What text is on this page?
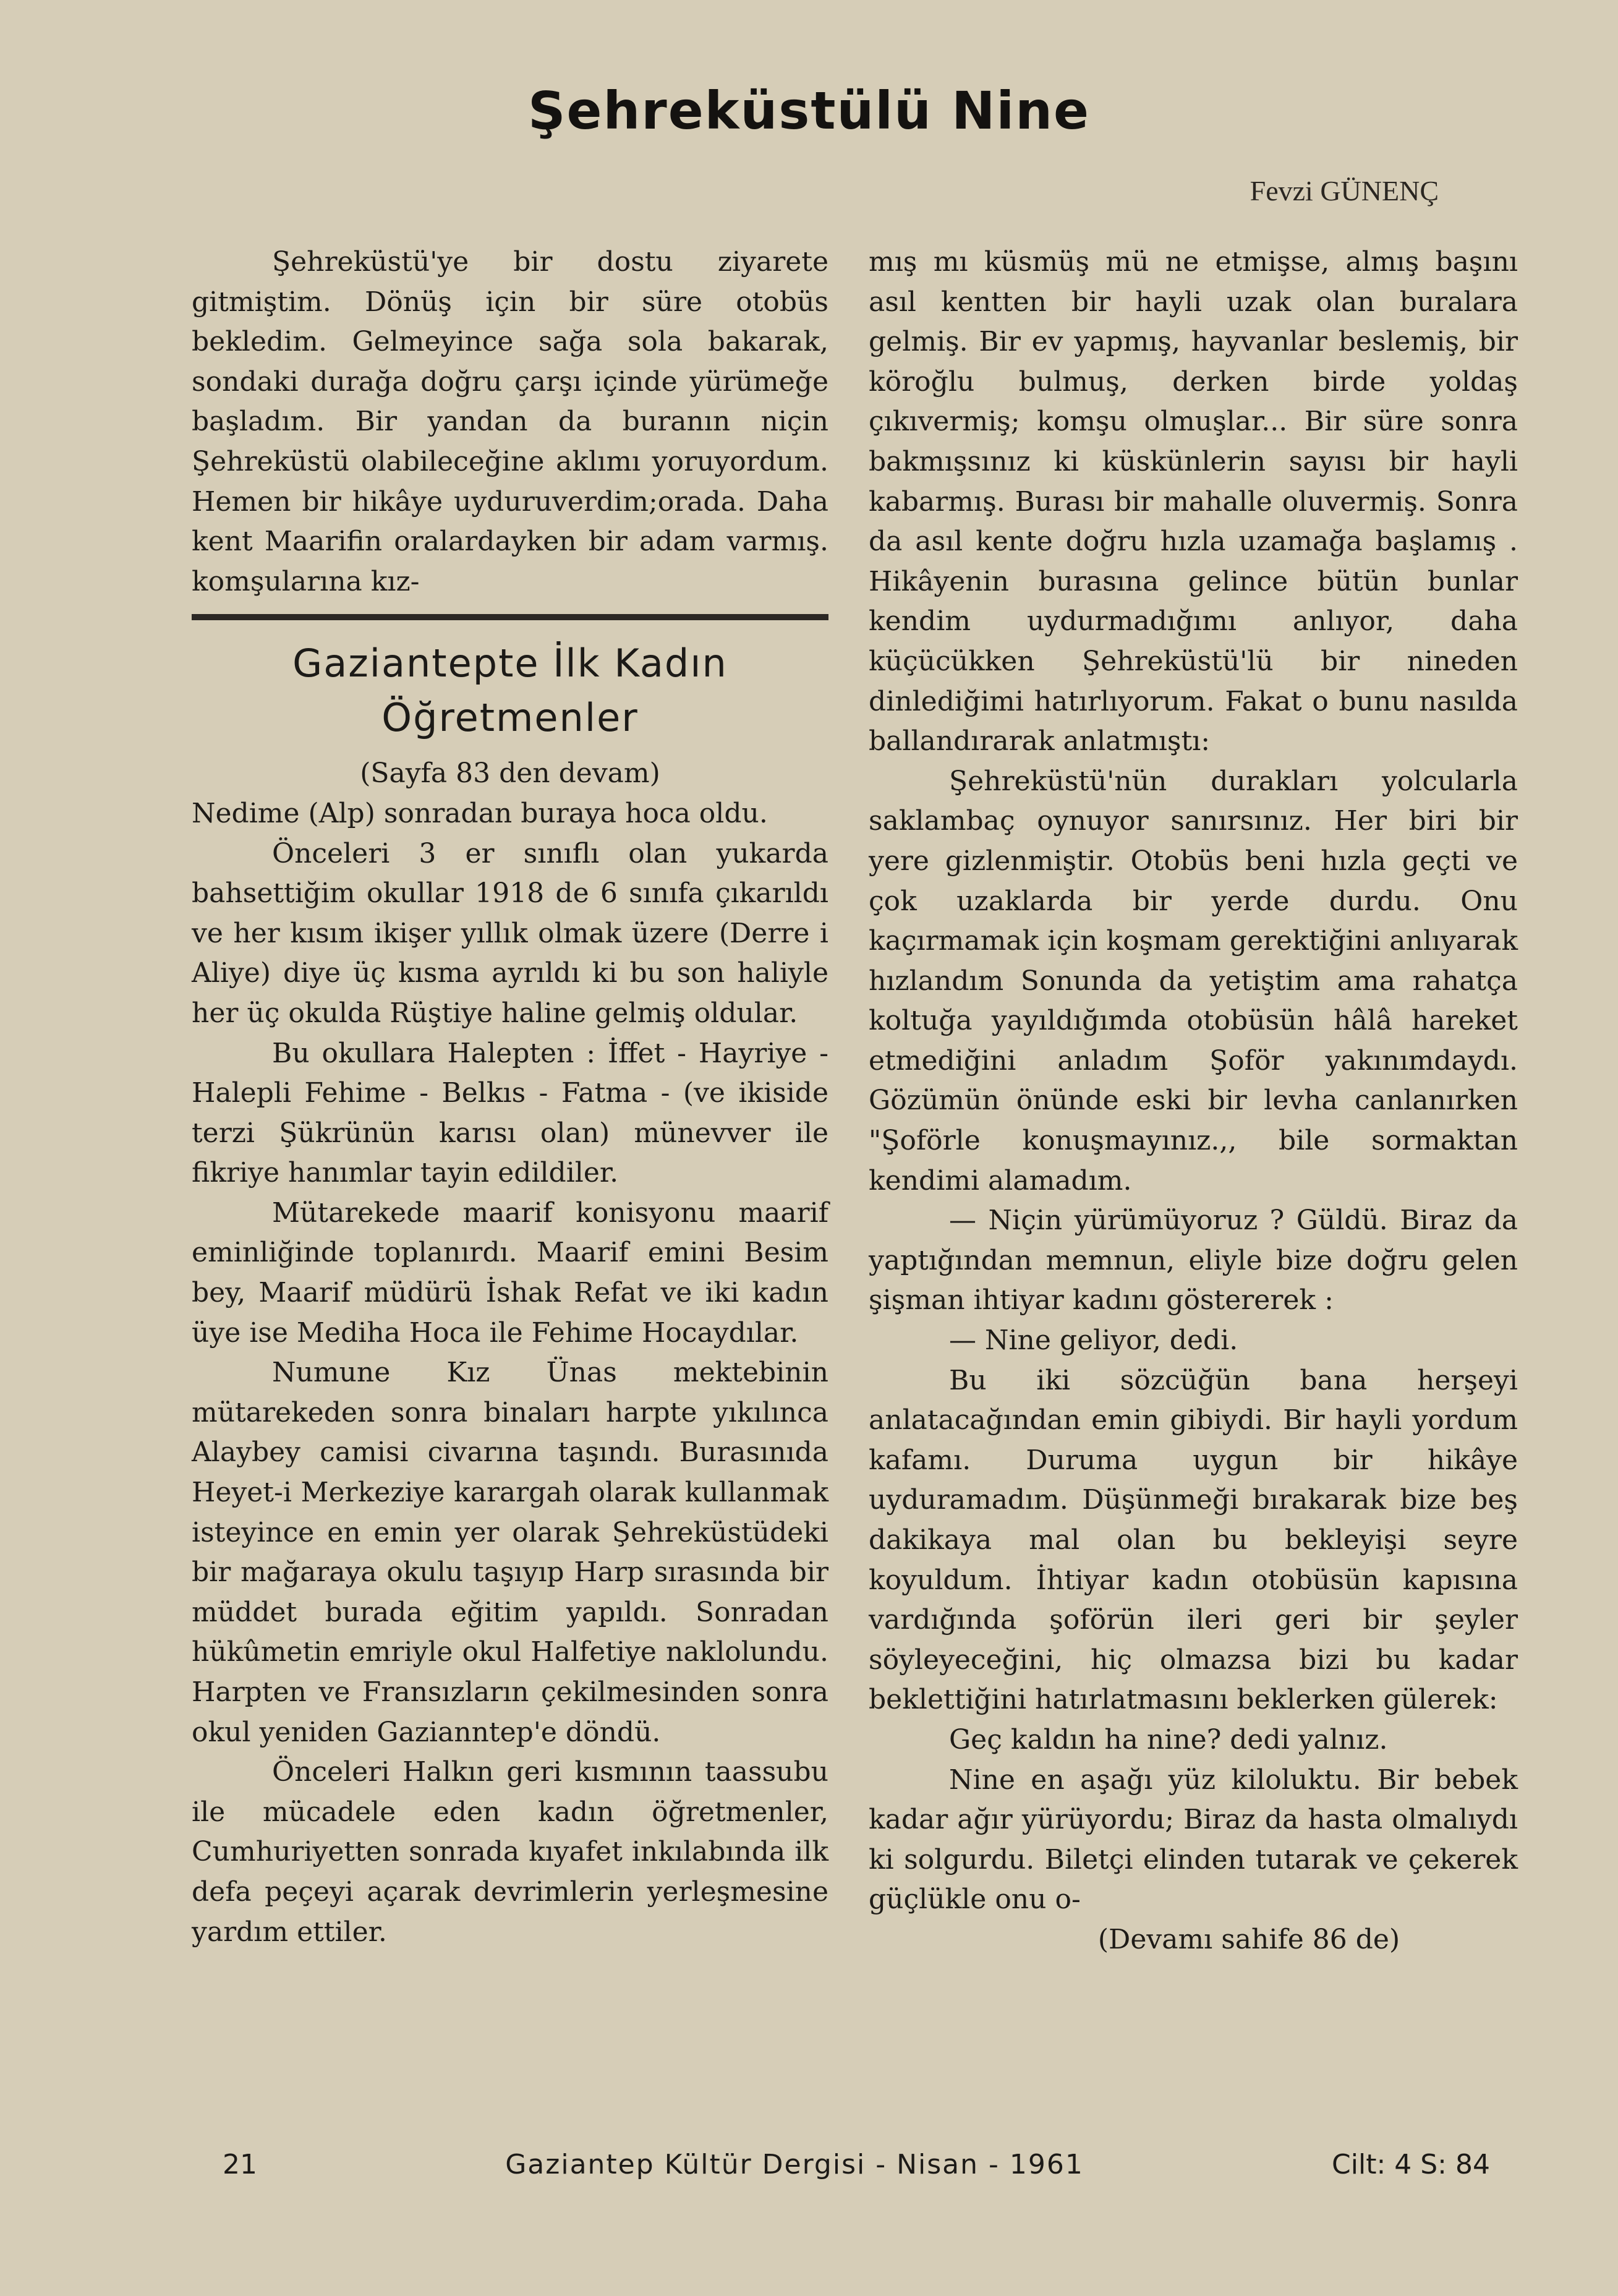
Şehreküstülü Nine
Fevzi GÜNENÇ

Şehreküstü'ye bir dostu ziyarete gitmiştim. Dönüş için bir süre otobüs bekledim. Gelmeyince sağa sola bakarak, sondaki durağa doğru çarşı içinde yürümeğe başladım. Bir yandan da buranın niçin Şehreküstü olabileceğine aklımı yoruyordum. Hemen bir hikâye uyduruverdim;orada. Daha kent Maarifin oralardayken bir adam varmış. komşularına kız-

Gaziantepte İlk Kadın
Öğretmenler

(Sayfa 83 den devam)

Nedime (Alp) sonradan buraya hoca oldu.

Önceleri 3 er sınıflı olan yukarda bahsettiğim okullar 1918 de 6 sınıfa çıkarıldı ve her kısım ikişer yıllık olmak üzere (Derre i Aliye) diye üç kısma ayrıldı ki bu son haliyle her üç okulda Rüştiye haline gelmiş oldular.

Bu okullara Halepten : İffet - Hayriye - Halepli Fehime - Belkıs - Fatma - (ve ikiside terzi Şükrünün karısı olan) münevver ile fikriye hanımlar tayin edildiler.

Mütarekede maarif konisyonu maarif eminliğinde toplanırdı. Maarif emini Besim bey, Maarif müdürü İshak Refat ve iki kadın üye ise Mediha Hoca ile Fehime Hocaydılar.

Numune Kız Ünas mektebinin mütarekeden sonra binaları harpte yıkılınca Alaybey camisi civarına taşındı. Burasınıda Heyet-i Merkeziye karargah olarak kullanmak isteyince en emin yer olarak Şehreküstüdeki bir mağaraya okulu taşıyıp Harp sırasında bir müddet burada eğitim yapıldı. Sonradan hükûmetin emriyle okul Halfetiye naklolundu. Harpten ve Fransızların çekilmesinden sonra okul yeniden Gazianntep'e döndü.

Önceleri Halkın geri kısmının taassubu ile mücadele eden kadın öğretmenler, Cumhuriyetten sonrada kıyafet inkılabında ilk defa peçeyi açarak devrimlerin yerleşmesine yardım ettiler.

mış mı küsmüş mü ne etmişse, almış başını asıl kentten bir hayli uzak olan buralara gelmiş. Bir ev yapmış, hayvanlar beslemiş, bir köroğlu bulmuş, derken birde yoldaş çıkıvermiş; komşu olmuşlar... Bir süre sonra bakmışsınız ki küskünlerin sayısı bir hayli kabarmış. Burası bir mahalle oluvermiş. Sonra da asıl kente doğru hızla uzamağa başlamış . Hikâyenin burasına gelince bütün bunlar kendim uydurmadığımı anlıyor, daha küçücükken Şehreküstü'lü bir nineden dinlediğimi hatırlıyorum. Fakat o bunu nasılda ballandırarak anlatmıştı:

Şehreküstü'nün durakları yolcularla saklambaç oynuyor sanırsınız. Her biri bir yere gizlenmiştir. Otobüs beni hızla geçti ve çok uzaklarda bir yerde durdu. Onu kaçırmamak için koşmam gerektiğini anlıyarak hızlandım Sonunda da yetiştim ama rahatça koltuğa yayıldığımda otobüsün hâlâ hareket etmediğini anladım Şoför yakınımdaydı. Gözümün önünde eski bir levha canlanırken "Şoförle konuşmayınız.,, bile sormaktan kendimi alamadım.

— Niçin yürümüyoruz ? Güldü. Biraz da yaptığından memnun, eliyle bize doğru gelen şişman ihtiyar kadını göstererek :

— Nine geliyor, dedi.

Bu iki sözcüğün bana herşeyi anlatacağından emin gibiydi. Bir hayli yordum kafamı. Duruma uygun bir hikâye uyduramadım. Düşünmeği bırakarak bize beş dakikaya mal olan bu bekleyişi seyre koyuldum. İhtiyar kadın otobüsün kapısına vardığında şoförün ileri geri bir şeyler söyleyeceğini, hiç olmazsa bizi bu kadar beklettiğini hatırlatmasını beklerken gülerek:

Geç kaldın ha nine? dedi yalnız.

Nine en aşağı yüz kiloluktu. Bir bebek kadar ağır yürüyordu; Biraz da hasta olmalıydı ki solgurdu. Biletçi elinden tutarak ve çekerek güçlükle onu o-

(Devamı sahife 86 de)

21	Gaziantep Kültür Dergisi - Nisan - 1961	Cilt: 4 S: 84
